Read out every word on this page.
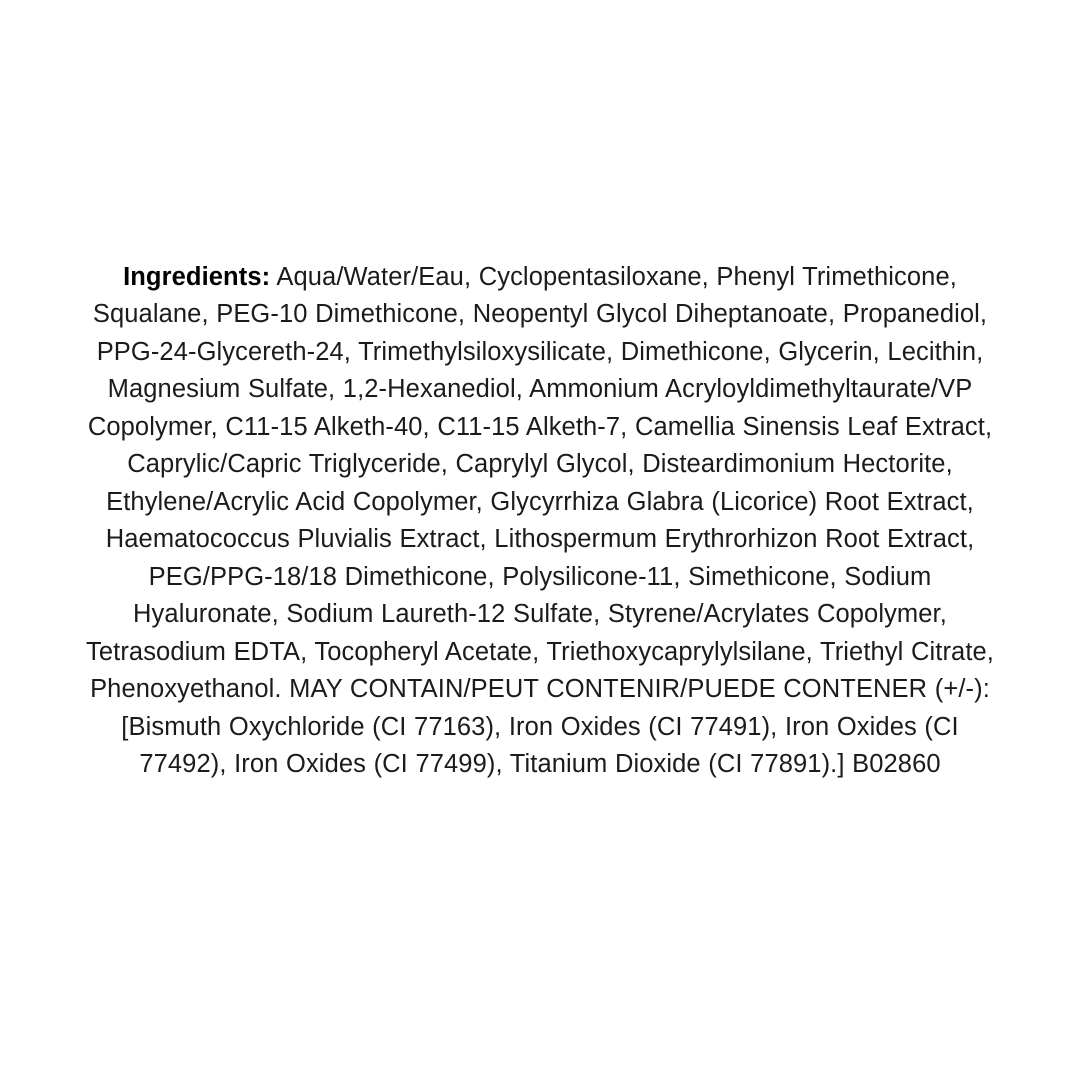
Ingredients: Aqua/Water/Eau, Cyclopentasiloxane, Phenyl Trimethicone, Squalane, PEG-10 Dimethicone, Neopentyl Glycol Diheptanoate, Propanediol, PPG-24-Glycereth-24, Trimethylsiloxysilicate, Dimethicone, Glycerin, Lecithin, Magnesium Sulfate, 1,2-Hexanediol, Ammonium Acryloyldimethyltaurate/VP Copolymer, C11-15 Alketh-40, C11-15 Alketh-7, Camellia Sinensis Leaf Extract, Caprylic/Capric Triglyceride, Caprylyl Glycol, Disteardimonium Hectorite, Ethylene/Acrylic Acid Copolymer, Glycyrrhiza Glabra (Licorice) Root Extract, Haematococcus Pluvialis Extract, Lithospermum Erythrorhizon Root Extract, PEG/PPG-18/18 Dimethicone, Polysilicone-11, Simethicone, Sodium Hyaluronate, Sodium Laureth-12 Sulfate, Styrene/Acrylates Copolymer, Tetrasodium EDTA, Tocopheryl Acetate, Triethoxycaprylylsilane, Triethyl Citrate, Phenoxyethanol. MAY CONTAIN/PEUT CONTENIR/PUEDE CONTENER (+/-): [Bismuth Oxychloride (CI 77163), Iron Oxides (CI 77491), Iron Oxides (CI 77492), Iron Oxides (CI 77499), Titanium Dioxide (CI 77891).] B02860
